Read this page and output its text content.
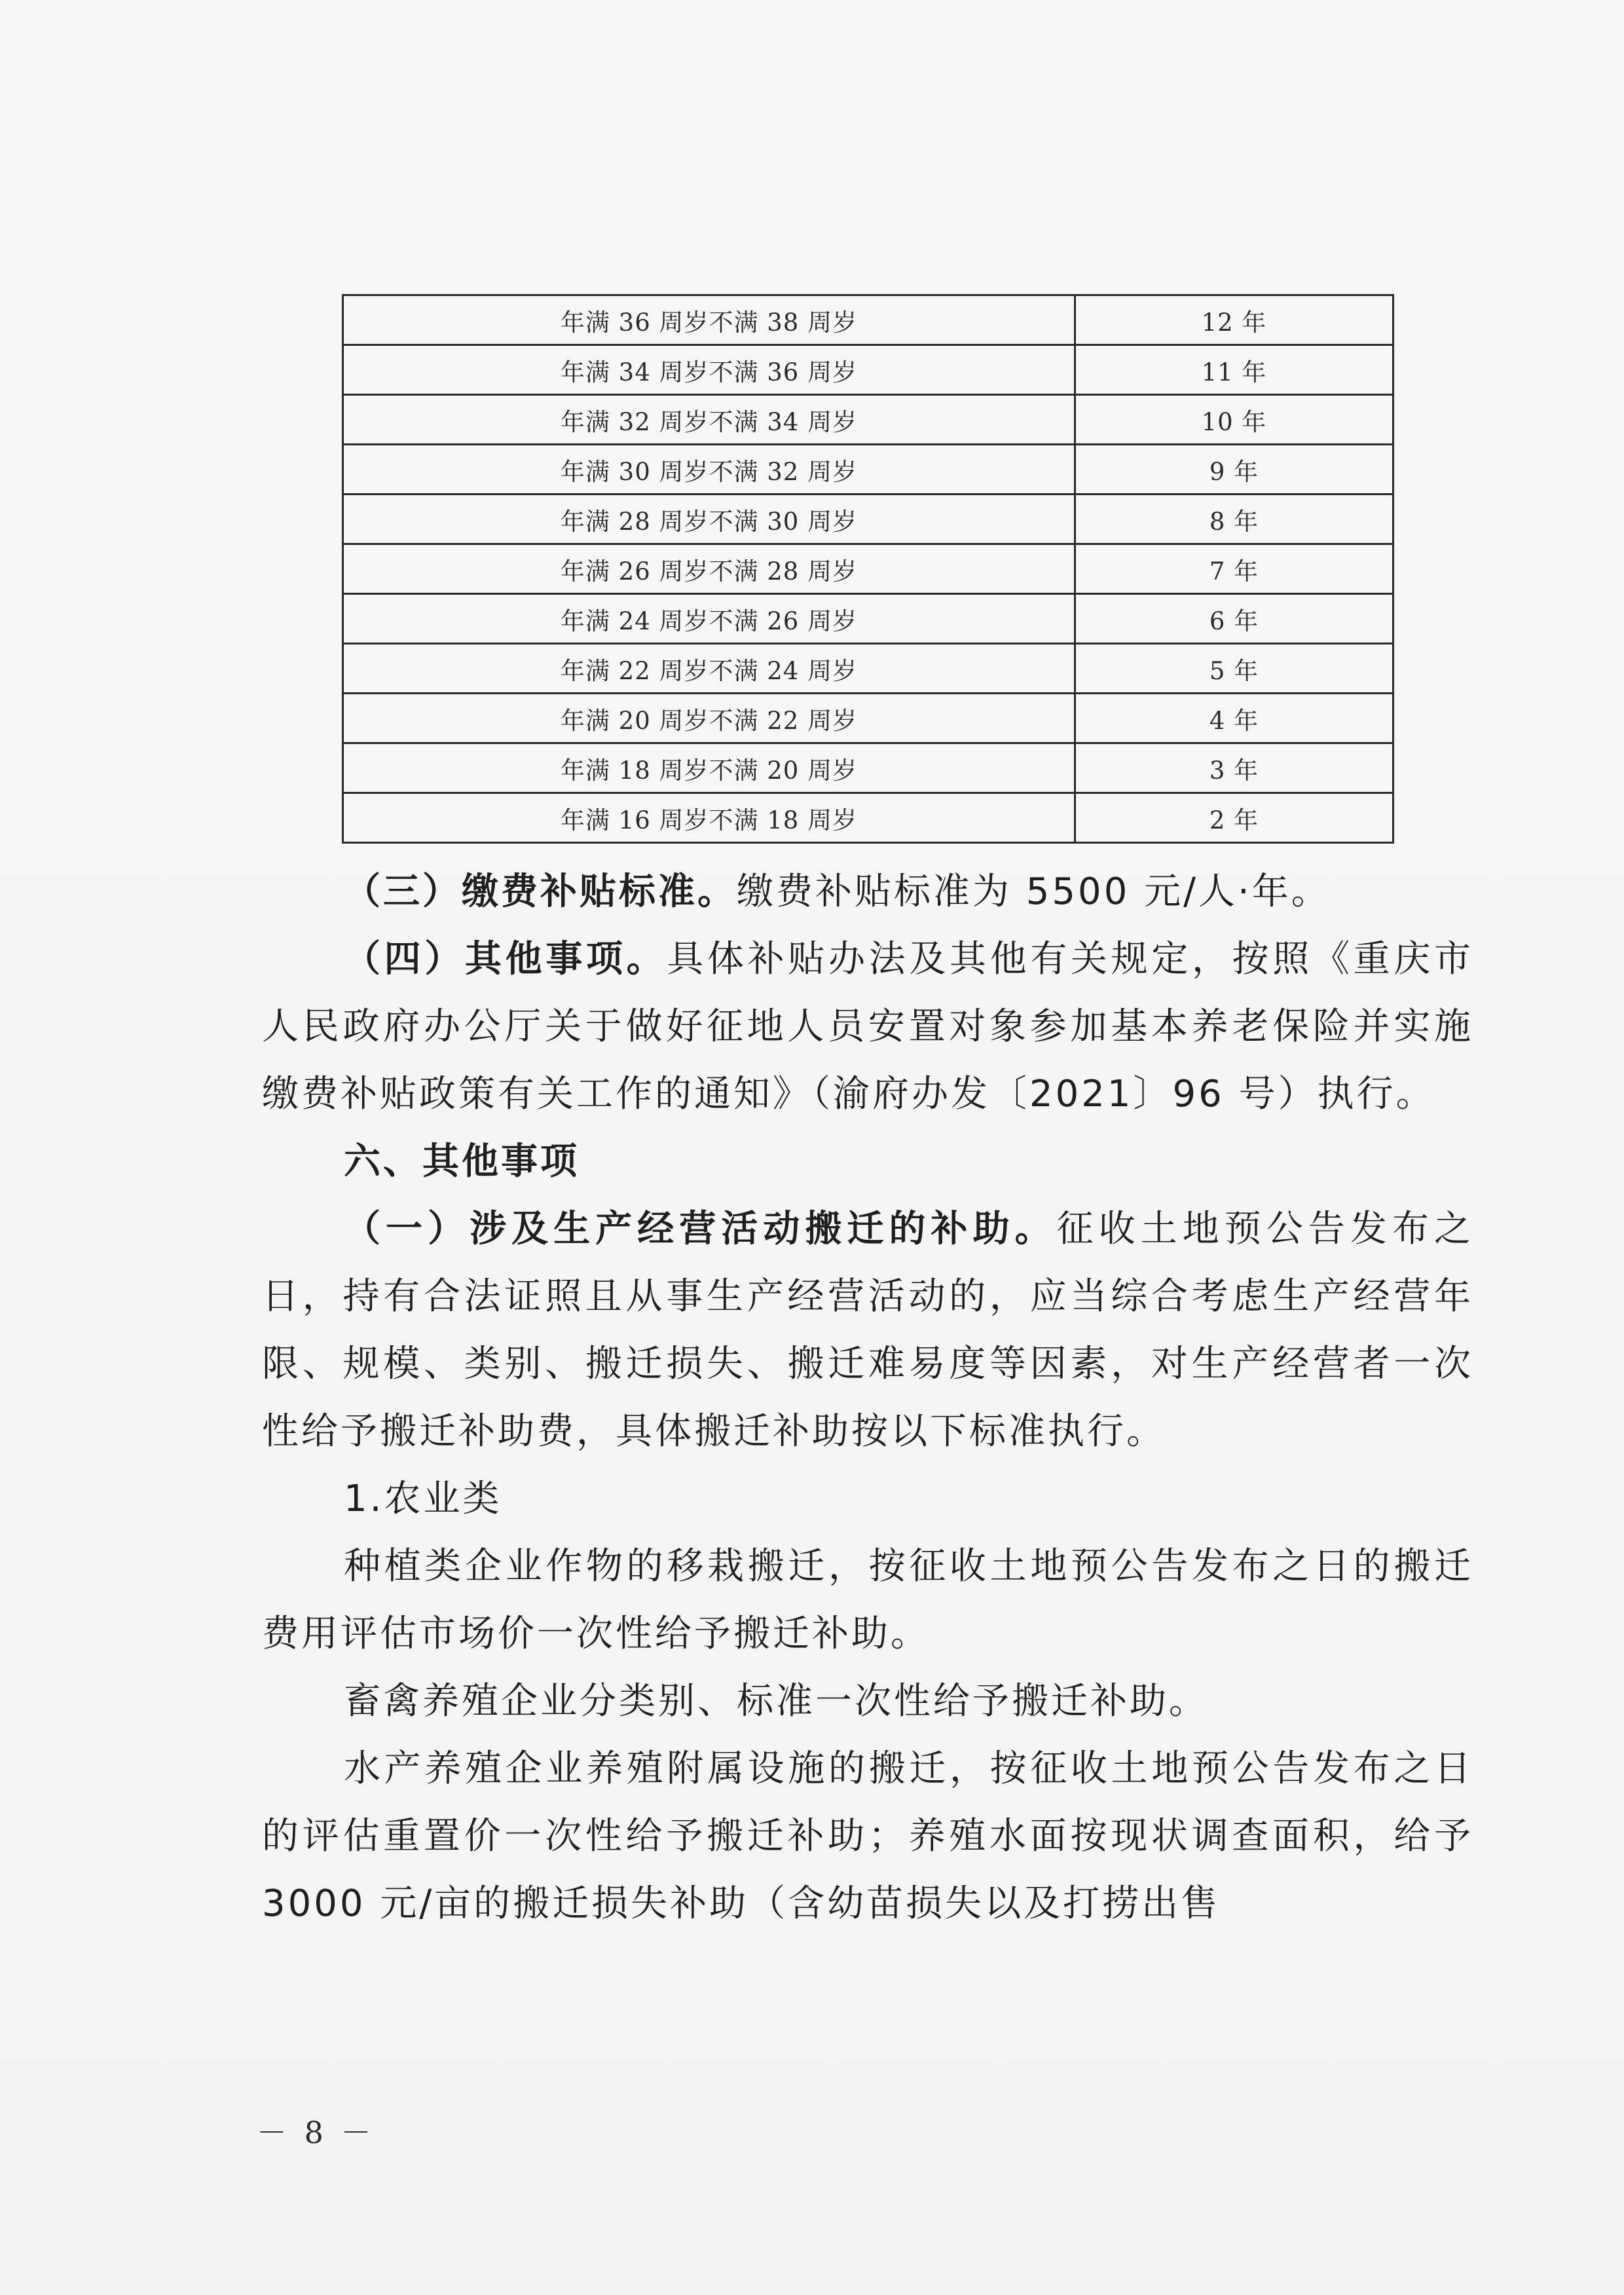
年满 36 周岁不满 38 周岁	12 年
年满 34 周岁不满 36 周岁	11 年
年满 32 周岁不满 34 周岁	10 年
年满 30 周岁不满 32 周岁	9 年
年满 28 周岁不满 30 周岁	8 年
年满 26 周岁不满 28 周岁	7 年
年满 24 周岁不满 26 周岁	6 年
年满 22 周岁不满 24 周岁	5 年
年满 20 周岁不满 22 周岁	4 年
年满 18 周岁不满 20 周岁	3 年
年满 16 周岁不满 18 周岁	2 年

（三）缴费补贴标准。缴费补贴标准为 5500 元/人·年。

（四）其他事项。具体补贴办法及其他有关规定，按照《重庆市人民政府办公厅关于做好征地人员安置对象参加基本养老保险并实施缴费补贴政策有关工作的通知》（渝府办发〔2021〕96 号）执行。

六、其他事项

（一）涉及生产经营活动搬迁的补助。征收土地预公告发布之日，持有合法证照且从事生产经营活动的，应当综合考虑生产经营年限、规模、类别、搬迁损失、搬迁难易度等因素，对生产经营者一次性给予搬迁补助费，具体搬迁补助按以下标准执行。

1.农业类

种植类企业作物的移栽搬迁，按征收土地预公告发布之日的搬迁费用评估市场价一次性给予搬迁补助。

畜禽养殖企业分类别、标准一次性给予搬迁补助。

水产养殖企业养殖附属设施的搬迁，按征收土地预公告发布之日的评估重置价一次性给予搬迁补助；养殖水面按现状调查面积，给予 3000 元/亩的搬迁损失补助（含幼苗损失以及打捞出售

－ 8 －
